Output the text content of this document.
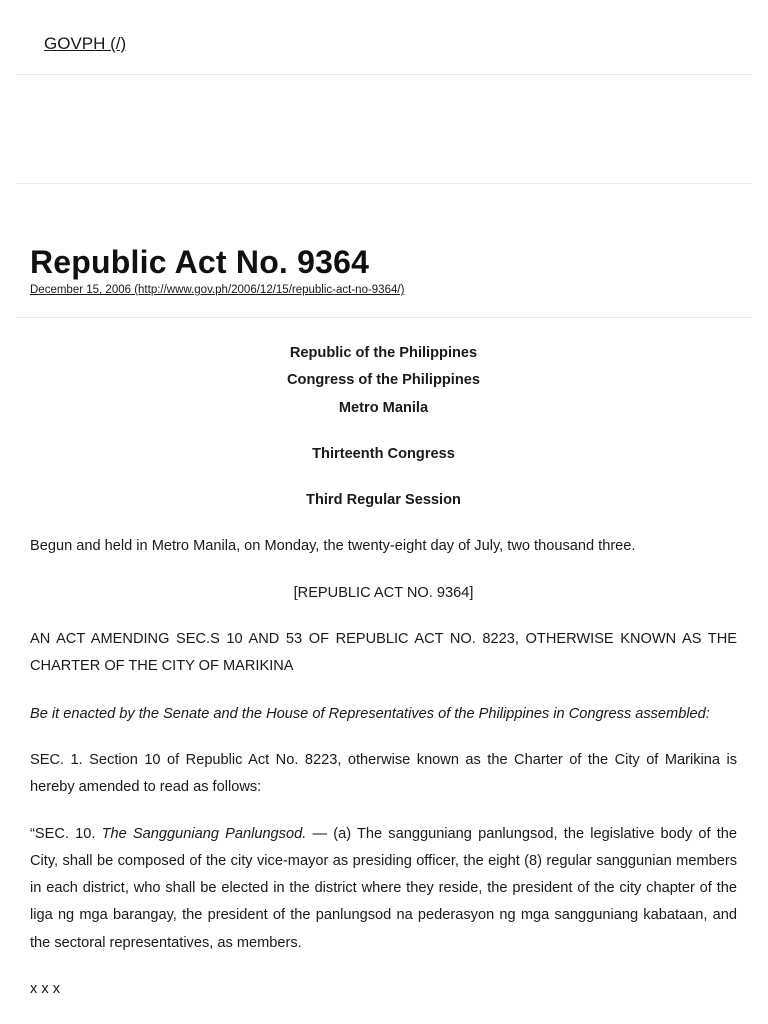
GOVPH (/)
Republic Act No. 9364
December 15, 2006 (http://www.gov.ph/2006/12/15/republic-act-no-9364/)

Republic of the Philippines

Congress of the Philippines

Metro Manila

Thirteenth Congress

Third Regular Session

Begun and held in Metro Manila, on Monday, the twenty-eight day of July, two thousand three.

[REPUBLIC ACT NO. 9364]

AN ACT AMENDING SEC.S 10 AND 53 OF REPUBLIC ACT NO. 8223, OTHERWISE KNOWN AS THE CHARTER OF THE CITY OF MARIKINA

Be it enacted by the Senate and the House of Representatives of the Philippines in Congress assembled:

SEC. 1. Section 10 of Republic Act No. 8223, otherwise known as the Charter of the City of Marikina is hereby amended to read as follows:

“SEC. 10. The Sangguniang Panlungsod. — (a) The sangguniang panlungsod, the legislative body of the City, shall be composed of the city vice-mayor as presiding officer, the eight (8) regular sanggunian members in each district, who shall be elected in the district where they reside, the president of the city chapter of the liga ng mga barangay, the president of the panlungsod na pederasyon ng mga sangguniang kabataan, and the sectoral representatives, as members.

x x x
